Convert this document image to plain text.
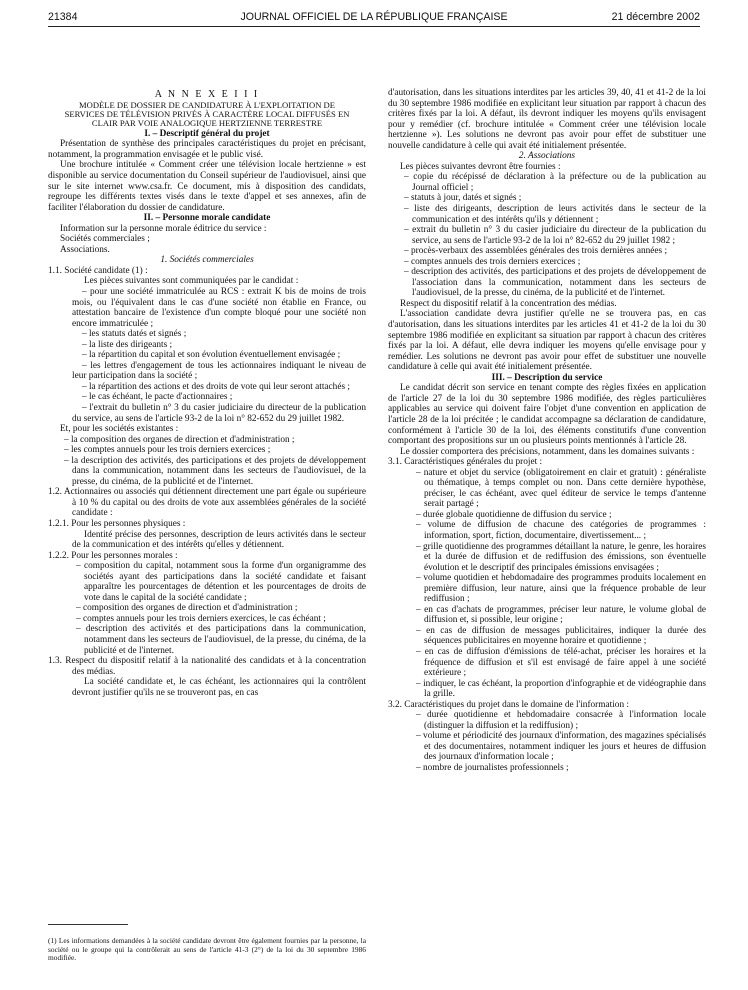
21384	JOURNAL OFFICIEL DE LA RÉPUBLIQUE FRANÇAISE	21 décembre 2002

A N N E X E I I I

MODÈLE DE DOSSIER DE CANDIDATURE À L'EXPLOITATION DE SERVICES DE TÉLÉVISION PRIVÉS À CARACTÈRE LOCAL DIFFUSÉS EN CLAIR PAR VOIE ANALOGIQUE HERTZIENNE TERRESTRE

I. – Descriptif général du projet

Présentation de synthèse des principales caractéristiques du projet en précisant, notamment, la programmation envisagée et le public visé.

Une brochure intitulée « Comment créer une télévision locale hertzienne » est disponible au service documentation du Conseil supérieur de l'audiovisuel, ainsi que sur le site internet www.csa.fr. Ce document, mis à disposition des candidats, regroupe les différents textes visés dans le texte d'appel et ses annexes, afin de faciliter l'élaboration du dossier de candidature.

II. – Personne morale candidate

Information sur la personne morale éditrice du service :

Sociétés commerciales ;

Associations.

1. Sociétés commerciales

1.1. Société candidate (1) :

Les pièces suivantes sont communiquées par le candidat :

– pour une société immatriculée au RCS : extrait K bis de moins de trois mois, ou l'équivalent dans le cas d'une société non établie en France, ou attestation bancaire de l'existence d'un compte bloqué pour une société non encore immatriculée ;

– les statuts datés et signés ;

– la liste des dirigeants ;

– la répartition du capital et son évolution éventuellement envisagée ;

– les lettres d'engagement de tous les actionnaires indiquant le niveau de leur participation dans la société ;

– la répartition des actions et des droits de vote qui leur seront attachés ;

– le cas échéant, le pacte d'actionnaires ;

– l'extrait du bulletin n° 3 du casier judiciaire du directeur de la publication du service, au sens de l'article 93-2 de la loi n° 82-652 du 29 juillet 1982.

Et, pour les sociétés existantes :

– la composition des organes de direction et d'administration ;

– les comptes annuels pour les trois derniers exercices ;

– la description des activités, des participations et des projets de développement dans la communication, notamment dans les secteurs de l'audiovisuel, de la presse, du cinéma, de la publicité et de l'internet.

1.2. Actionnaires ou associés qui détiennent directement une part égale ou supérieure à 10 % du capital ou des droits de vote aux assemblées générales de la société candidate :

1.2.1. Pour les personnes physiques :

Identité précise des personnes, description de leurs activités dans le secteur de la communication et des intérêts qu'elles y détiennent.

1.2.2. Pour les personnes morales :

– composition du capital, notamment sous la forme d'un organigramme des sociétés ayant des participations dans la société candidate et faisant apparaître les pourcentages de détention et les pourcentages de droits de vote dans le capital de la société candidate ;

– composition des organes de direction et d'administration ;

– comptes annuels pour les trois derniers exercices, le cas échéant ;

– description des activités et des participations dans la communication, notamment dans les secteurs de l'audiovisuel, de la presse, du cinéma, de la publicité et de l'internet.

1.3. Respect du dispositif relatif à la nationalité des candidats et à la concentration des médias.

La société candidate et, le cas échéant, les actionnaires qui la contrôlent devront justifier qu'ils ne se trouveront pas, en cas

(1) Les informations demandées à la société candidate devront être également fournies par la personne, la société ou le groupe qui la contrôlerait au sens de l'article 41-3 (2°) de la loi du 30 septembre 1986 modifiée.

d'autorisation, dans les situations interdites par les articles 39, 40, 41 et 41-2 de la loi du 30 septembre 1986 modifiée en explicitant leur situation par rapport à chacun des critères fixés par la loi. A défaut, ils devront indiquer les moyens qu'ils envisagent pour y remédier (cf. brochure intitulée « Comment créer une télévision locale hertzienne »). Les solutions ne devront pas avoir pour effet de substituer une nouvelle candidature à celle qui avait été initialement présentée.

2. Associations

Les pièces suivantes devront être fournies :

– copie du récépissé de déclaration à la préfecture ou de la publication au Journal officiel ;

– statuts à jour, datés et signés ;

– liste des dirigeants, description de leurs activités dans le secteur de la communication et des intérêts qu'ils y détiennent ;

– extrait du bulletin n° 3 du casier judiciaire du directeur de la publication du service, au sens de l'article 93-2 de la loi n° 82-652 du 29 juillet 1982 ;

– procès-verbaux des assemblées générales des trois dernières années ;

– comptes annuels des trois derniers exercices ;

– description des activités, des participations et des projets de développement de l'association dans la communication, notamment dans les secteurs de l'audiovisuel, de la presse, du cinéma, de la publicité et de l'internet.

Respect du dispositif relatif à la concentration des médias.

L'association candidate devra justifier qu'elle ne se trouvera pas, en cas d'autorisation, dans les situations interdites par les articles 41 et 41-2 de la loi du 30 septembre 1986 modifiée en explicitant sa situation par rapport à chacun des critères fixés par la loi. A défaut, elle devra indiquer les moyens qu'elle envisage pour y remédier. Les solutions ne devront pas avoir pour effet de substituer une nouvelle candidature à celle qui avait été initialement présentée.

III. – Description du service

Le candidat décrit son service en tenant compte des règles fixées en application de l'article 27 de la loi du 30 septembre 1986 modifiée, des règles particulières applicables au service qui doivent faire l'objet d'une convention en application de l'article 28 de la loi précitée ; le candidat accompagne sa déclaration de candidature, conformément à l'article 30 de la loi, des éléments constitutifs d'une convention comportant des propositions sur un ou plusieurs points mentionnés à l'article 28.

Le dossier comportera des précisions, notamment, dans les domaines suivants :

3.1. Caractéristiques générales du projet :

– nature et objet du service (obligatoirement en clair et gratuit) : généraliste ou thématique, à temps complet ou non. Dans cette dernière hypothèse, préciser, le cas échéant, avec quel éditeur de service le temps d'antenne serait partagé ;

– durée globale quotidienne de diffusion du service ;

– volume de diffusion de chacune des catégories de programmes : information, sport, fiction, documentaire, divertissement... ;

– grille quotidienne des programmes détaillant la nature, le genre, les horaires et la durée de diffusion et de rediffusion des émissions, son éventuelle évolution et le descriptif des principales émissions envisagées ;

– volume quotidien et hebdomadaire des programmes produits localement en première diffusion, leur nature, ainsi que la fréquence probable de leur rediffusion ;

– en cas d'achats de programmes, préciser leur nature, le volume global de diffusion et, si possible, leur origine ;

– en cas de diffusion de messages publicitaires, indiquer la durée des séquences publicitaires en moyenne horaire et quotidienne ;

– en cas de diffusion d'émissions de télé-achat, préciser les horaires et la fréquence de diffusion et s'il est envisagé de faire appel à une société extérieure ;

– indiquer, le cas échéant, la proportion d'infographie et de vidéographie dans la grille.

3.2. Caractéristiques du projet dans le domaine de l'information :

– durée quotidienne et hebdomadaire consacrée à l'information locale (distinguer la diffusion et la rediffusion) ;

– volume et périodicité des journaux d'information, des magazines spécialisés et des documentaires, notamment indiquer les jours et heures de diffusion des journaux d'information locale ;

– nombre de journalistes professionnels ;
